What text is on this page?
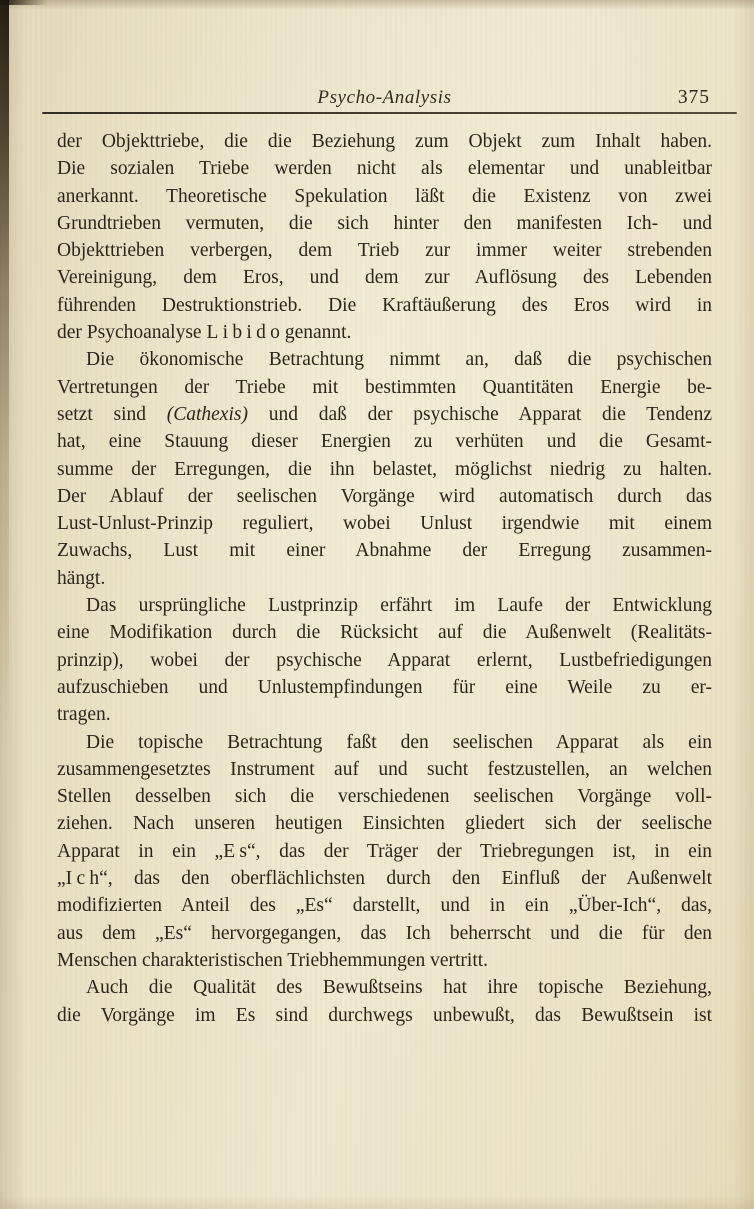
Psycho-Analysis	375
der Objekttriebe, die die Beziehung zum Objekt zum Inhalt haben.
Die sozialen Triebe werden nicht als elementar und unableitbar
anerkannt. Theoretische Spekulation läßt die Existenz von zwei
Grundtrieben vermuten, die sich hinter den manifesten Ich- und
Objekttrieben verbergen, dem Trieb zur immer weiter strebenden
Vereinigung, dem Eros, und dem zur Auflösung des Lebenden
führenden Destruktionstrieb. Die Kraftäußerung des Eros wird in
der Psychoanalyse Libido genannt.
Die ökonomische Betrachtung nimmt an, daß die psychischen
Vertretungen der Triebe mit bestimmten Quantitäten Energie be-
setzt sind (Cathexis) und daß der psychische Apparat die Tendenz
hat, eine Stauung dieser Energien zu verhüten und die Gesamt-
summe der Erregungen, die ihn belastet, möglichst niedrig zu halten.
Der Ablauf der seelischen Vorgänge wird automatisch durch das
Lust-Unlust-Prinzip reguliert, wobei Unlust irgendwie mit einem
Zuwachs, Lust mit einer Abnahme der Erregung zusammen-
hängt.
Das ursprüngliche Lustprinzip erfährt im Laufe der Entwicklung
eine Modifikation durch die Rücksicht auf die Außenwelt (Realitäts-
prinzip), wobei der psychische Apparat erlernt, Lustbefriedigungen
aufzuschieben und Unlustempfindungen für eine Weile zu er-
tragen.
Die topische Betrachtung faßt den seelischen Apparat als ein
zusammengesetztes Instrument auf und sucht festzustellen, an welchen
Stellen desselben sich die verschiedenen seelischen Vorgänge voll-
ziehen. Nach unseren heutigen Einsichten gliedert sich der seelische
Apparat in ein „Es“, das der Träger der Triebregungen ist, in ein
„Ich“, das den oberflächlichsten durch den Einfluß der Außenwelt
modifizierten Anteil des „Es“ darstellt, und in ein „Über-Ich“, das,
aus dem „Es“ hervorgegangen, das Ich beherrscht und die für den
Menschen charakteristischen Triebhemmungen vertritt.
Auch die Qualität des Bewußtseins hat ihre topische Beziehung,
die Vorgänge im Es sind durchwegs unbewußt, das Bewußtsein ist
